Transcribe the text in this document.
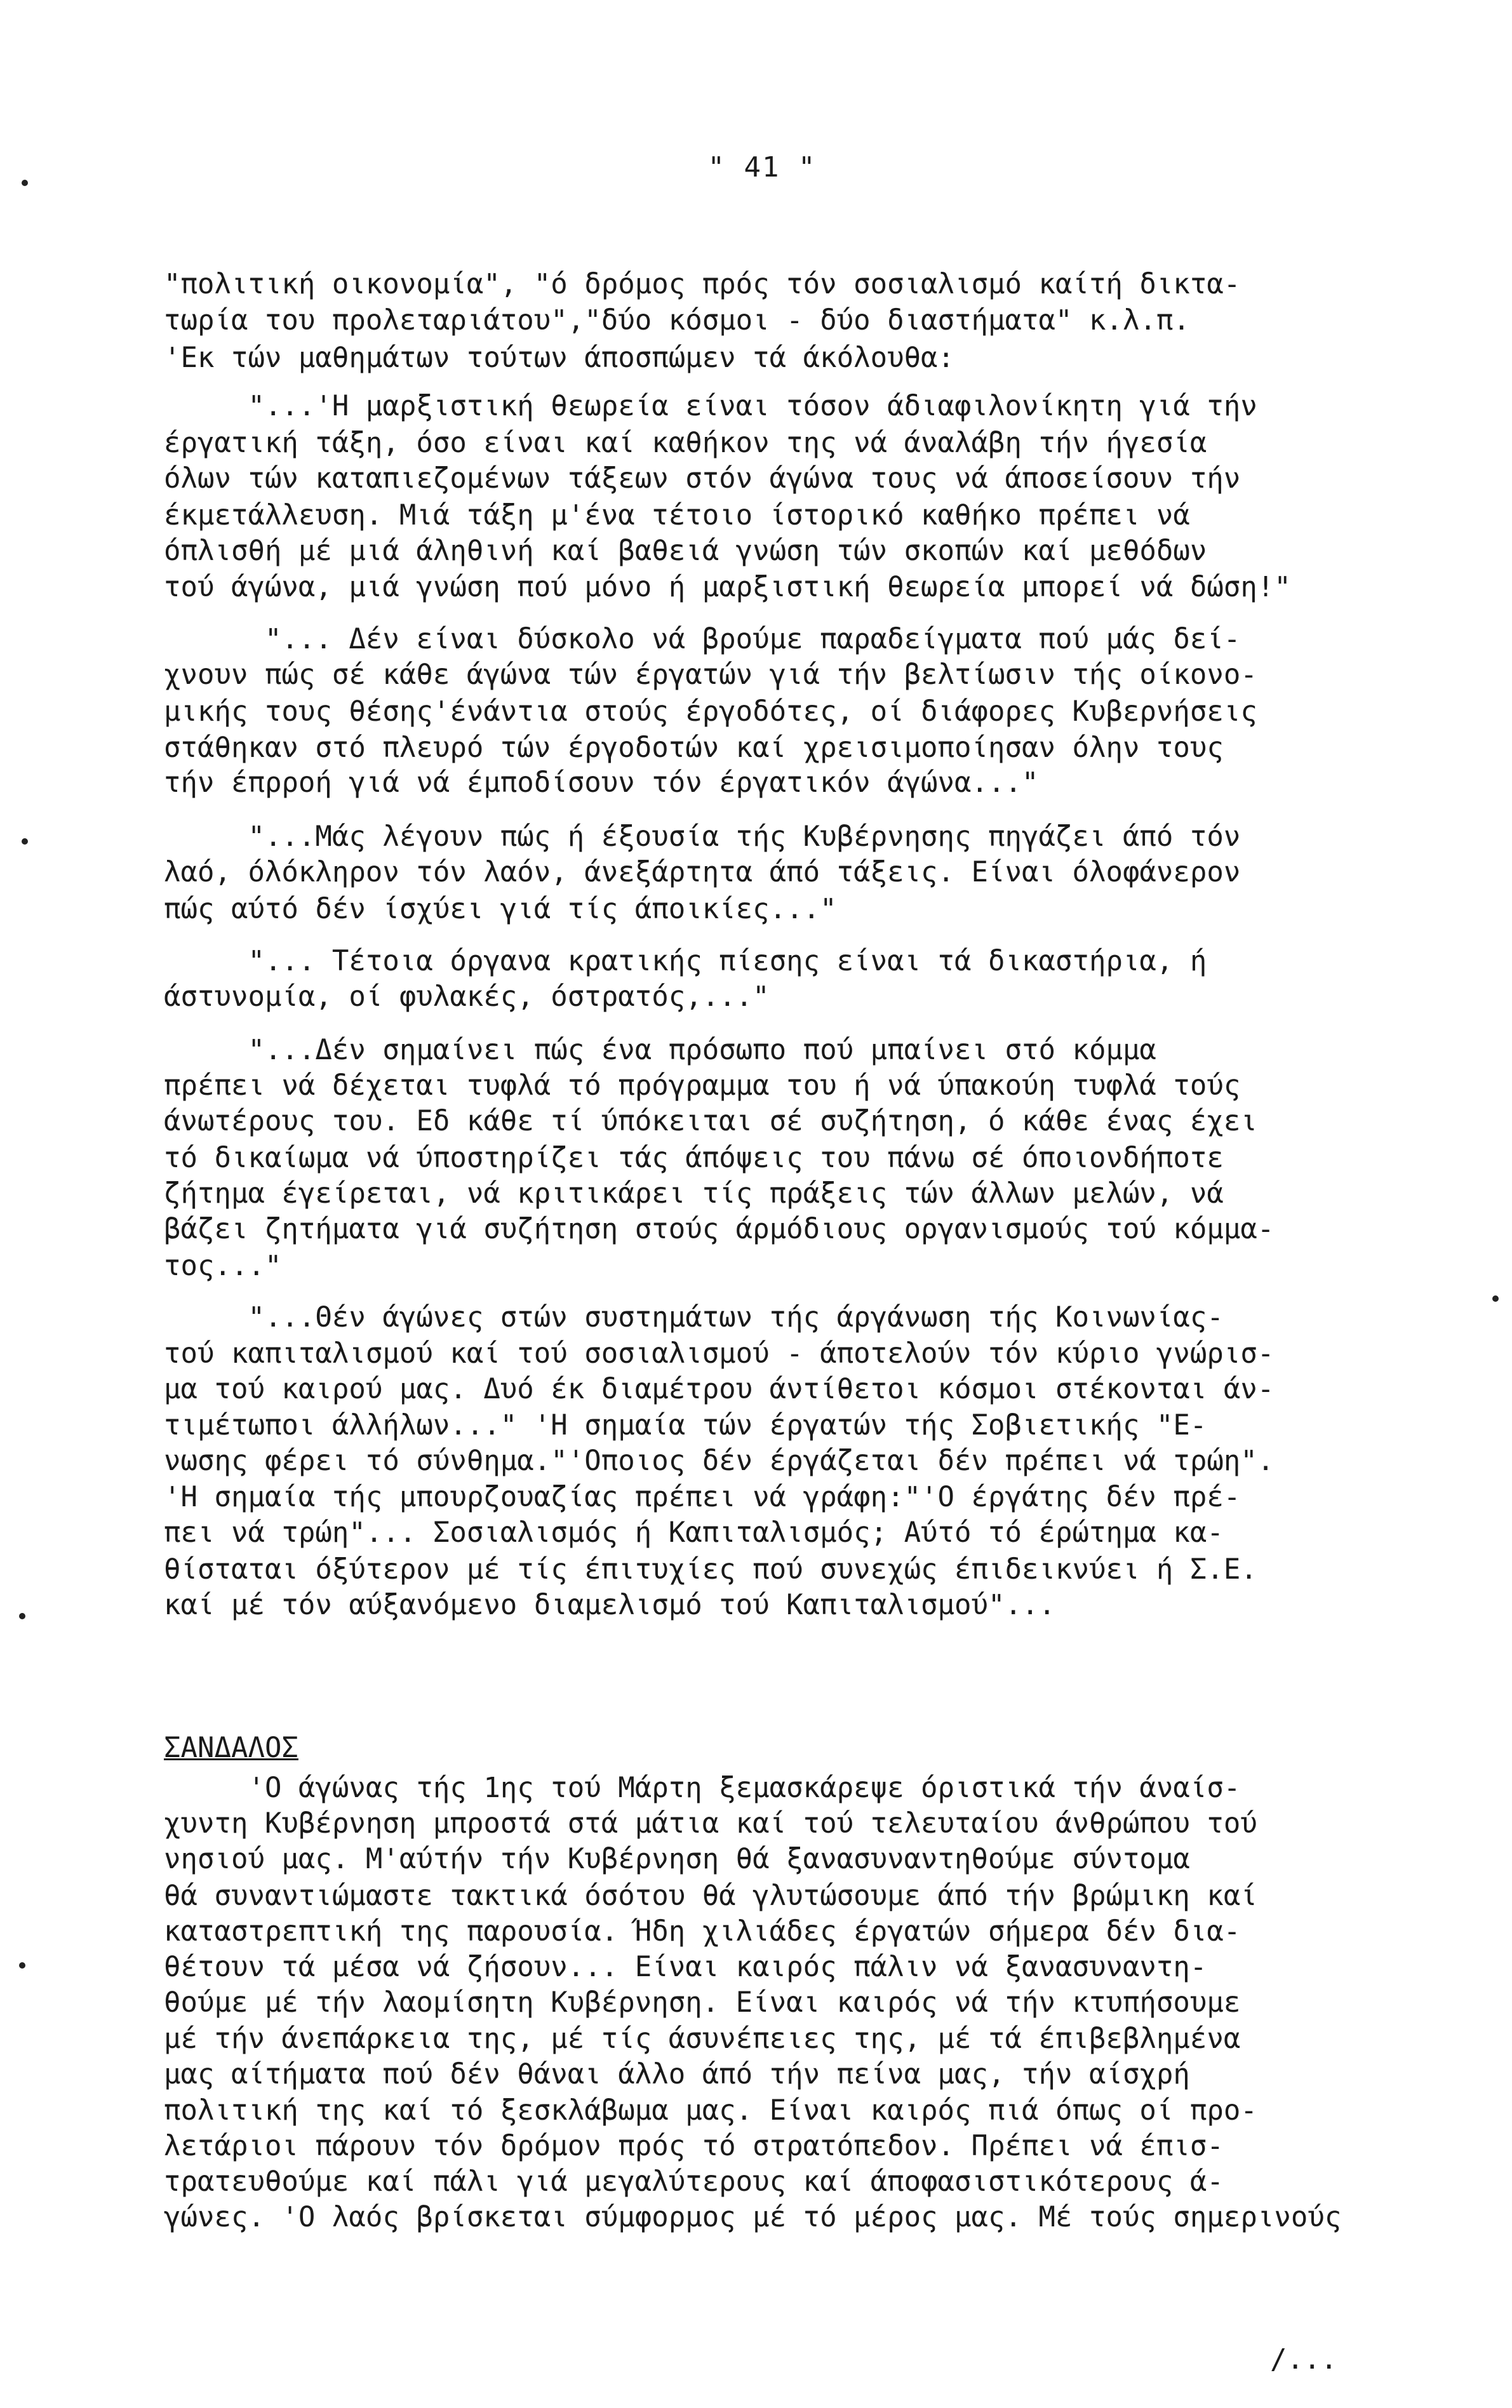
" 41 "
"πολιτική οικονομία", "ό δρόμος πρός τόν σοσιαλισμό καίτή δικτα-
τωρία του προλεταριάτου","δύο κόσμοι - δύο διαστήματα" κ.λ.π.
'Εκ τών μαθημάτων τούτων άποσπώμεν τά άκόλουθα:
"...'Η μαρξιστική θεωρεία είναι τόσον άδιαφιλονίκητη γιά τήν
έργατική τάξη, όσο είναι καί καθήκον της νά άναλάβη τήν ήγεσία
όλων τών καταπιεζομένων τάξεων στόν άγώνα τους νά άποσείσουν τήν
έκμετάλλευση. Μιά τάξη μ'ένα τέτοιο ίστορικό καθήκο πρέπει νά
όπλισθή μέ μιά άληθινή καί βαθειά γνώση τών σκοπών καί μεθόδων
τού άγώνα, μιά γνώση πού μόνο ή μαρξιστική θεωρεία μπορεί νά δώση!"
"... Δέν είναι δύσκολο νά βρούμε παραδείγματα πού μάς δεί-
χνουν πώς σέ κάθε άγώνα τών έργατών γιά τήν βελτίωσιν τής οίκονο-
μικής τους θέσης'ένάντια στούς έργοδότες, οί διάφορες Κυβερνήσεις
στάθηκαν στό πλευρό τών έργοδοτών καί χρεισιμοποίησαν όλην τους
τήν έπρροή γιά νά έμποδίσουν τόν έργατικόν άγώνα..."
"...Μάς λέγουν πώς ή έξουσία τής Κυβέρνησης πηγάζει άπό τόν
λαό, όλόκληρον τόν λαόν, άνεξάρτητα άπό τάξεις. Είναι όλοφάνερον
πώς αύτό δέν ίσχύει γιά τίς άποικίες..."
"... Τέτοια όργανα κρατικής πίεσης είναι τά δικαστήρια, ή
άστυνομία, οί φυλακές, όστρατός,..."
"...Δέν σημαίνει πώς ένα πρόσωπο πού μπαίνει στό κόμμα
πρέπει νά δέχεται τυφλά τό πρόγραμμα του ή νά ύπακούη τυφλά τούς
άνωτέρους του. Εδ κάθε τί ύπόκειται σέ συζήτηση, ό κάθε ένας έχει
τό δικαίωμα νά ύποστηρίζει τάς άπόψεις του πάνω σέ όποιονδήποτε
ζήτημα έγείρεται, νά κριτικάρει τίς πράξεις τών άλλων μελών, νά
βάζει ζητήματα γιά συζήτηση στούς άρμόδιους οργανισμούς τού κόμμα-
τος..."
"...Θέν άγώνες στών συστημάτων τής άργάνωση τής Κοινωνίας-
τού καπιταλισμού καί τού σοσιαλισμού - άποτελούν τόν κύριο γνώρισ-
μα τού καιρού μας. Δυό έκ διαμέτρου άντίθετοι κόσμοι στέκονται άν-
τιμέτωποι άλλήλων..." 'Η σημαία τών έργατών τής Σοβιετικής "Ε-
νωσης φέρει τό σύνθημα."'Οποιος δέν έργάζεται δέν πρέπει νά τρώη".
'Η σημαία τής μπουρζουαζίας πρέπει νά γράφη:"'Ο έργάτης δέν πρέ-
πει νά τρώη"... Σοσιαλισμός ή Καπιταλισμός; Αύτό τό έρώτημα κα-
θίσταται όξύτερον μέ τίς έπιτυχίες πού συνεχώς έπιδεικνύει ή Σ.Ε.
καί μέ τόν αύξανόμενο διαμελισμό τού Καπιταλισμού"...
ΣΑΝΔΑΛΟΣ
'Ο άγώνας τής 1ης τού Μάρτη ξεμασκάρεψε όριστικά τήν άναίσ-
χυντη Κυβέρνηση μπροστά στά μάτια καί τού τελευταίου άνθρώπου τού
νησιού μας. Μ'αύτήν τήν Κυβέρνηση θά ξανασυναντηθούμε σύντομα
θά συναντιώμαστε τακτικά όσότου θά γλυτώσουμε άπό τήν βρώμικη καί
καταστρεπτική της παρουσία. Ήδη χιλιάδες έργατών σήμερα δέν δια-
θέτουν τά μέσα νά ζήσουν... Είναι καιρός πάλιν νά ξανασυναντη-
θούμε μέ τήν λαομίσητη Κυβέρνηση. Είναι καιρός νά τήν κτυπήσουμε
μέ τήν άνεπάρκεια της, μέ τίς άσυνέπειες της, μέ τά έπιβεβλημένα
μας αίτήματα πού δέν θάναι άλλο άπό τήν πείνα μας, τήν αίσχρή
πολιτική της καί τό ξεσκλάβωμα μας. Είναι καιρός πιά όπως οί προ-
λετάριοι πάρουν τόν δρόμον πρός τό στρατόπεδον. Πρέπει νά έπισ-
τρατευθούμε καί πάλι γιά μεγαλύτερους καί άποφασιστικότερους ά-
γώνες. 'Ο λαός βρίσκεται σύμφορμος μέ τό μέρος μας. Μέ τούς σημερινούς
/...
